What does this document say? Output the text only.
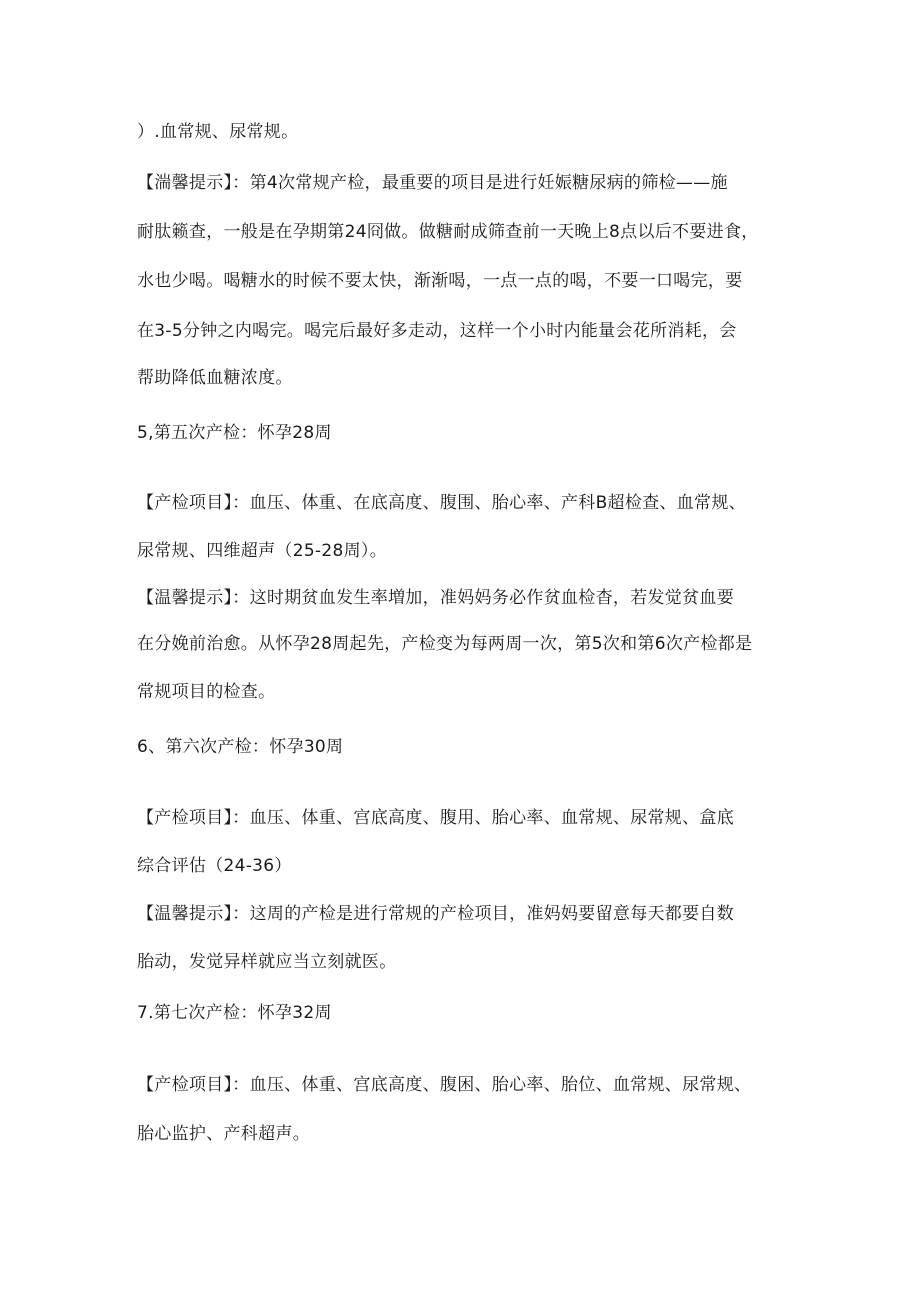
）.血常规、尿常规。
【湍馨提示】：第4次常规产检，最重要的项目是进行妊娠糖尿病的筛检——施
耐肽籁查，一般是在孕期第24冏做。做糖耐成筛查前一天晚上8点以后不要进食，
水也少喝。喝糖水的时候不要太快，渐渐喝，一点一点的喝，不要一口喝完，要
在3-5分钟之内喝完。喝完后最好多走动，这样一个小时内能量会花所消耗，会
帮助降低血糖浓度。
5,第五次产检：怀孕28周
【产检项目】：血压、体重、在底高度、腹围、胎心率、产科B超检查、血常规、
尿常规、四维超声（25-28周）。
【温馨提示】：这时期贫血发生率増加，准妈妈务必作贫血检杳，若发觉贫血要
在分娩前治愈。从怀孕28周起先，产检变为每两周一次，第5次和第6次产检都是
常规项目的检查。
6、第六次产检：怀孕30周
【产检项目】：血压、体重、宫底高度、腹用、胎心率、血常规、尿常规、盒底
综合评估（24-36）
【温馨提示】：这周的产检是进行常规的产检项目，准妈妈要留意每天都要自数
胎动，发觉异样就应当立刻就医。
7.第七次产检：怀孕32周
【产检项目】：血压、体重、宫底高度、腹困、胎心率、胎位、血常规、尿常规、
胎心监护、产科超声。
